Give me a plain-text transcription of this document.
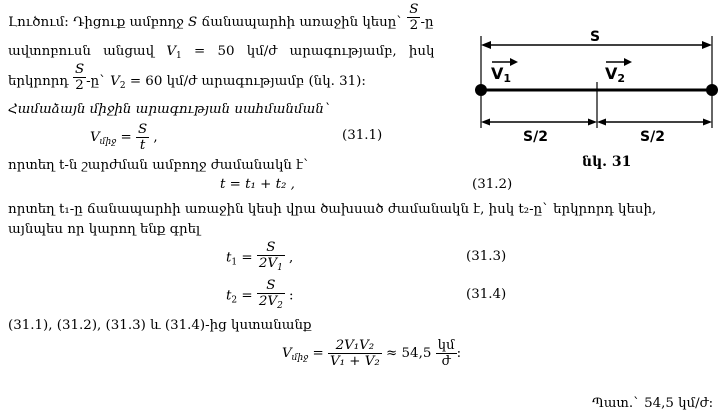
Լուծում: Դիցուք ամբողջ S ճանապարհի առաջին կեսը` $\frac{S}{2}$ -ը
ավտոբուսն անցավ $V_1 = 50$ կմ/ժ արագությամբ, իսկ
երկրորդ $\frac{S}{2}$ -ը` $V_2 = 60$ կմ/ժ արագությամբ (նկ. 31):
Համաձայն միջին արագության սահմանման`
$V_{միջ} = \frac{S}{t}$ ,	(31.1)
որտեղ t-ն շարժման ամբողջ ժամանակն է`
t = t₁ + t₂ ,	(31.2)
որտեղ t₁-ը ճանապարհի առաջին կեսի վրա ծախսած ժամանակն է, իսկ t₂-ը` երկրորդ կեսի,
այնպես որ կարող ենք գրել
$t_1 = \frac{S}{2V_1}$ ,	(31.3)
$t_2 = \frac{S}{2V_2}$ :	(31.4)
(31.1), (31.2), (31.3) և (31.4)-ից կստանանք
$V_{միջ} = \frac{\text{2V₁V₂}}{\text{V₁ + V₂}} \approx 54,5 \frac{\text{կմ}}{\text{ժ}}$ :
Պատ.` 54,5 կմ/ժ:
S
V1	V2
S/2	S/2
նկ. 31
